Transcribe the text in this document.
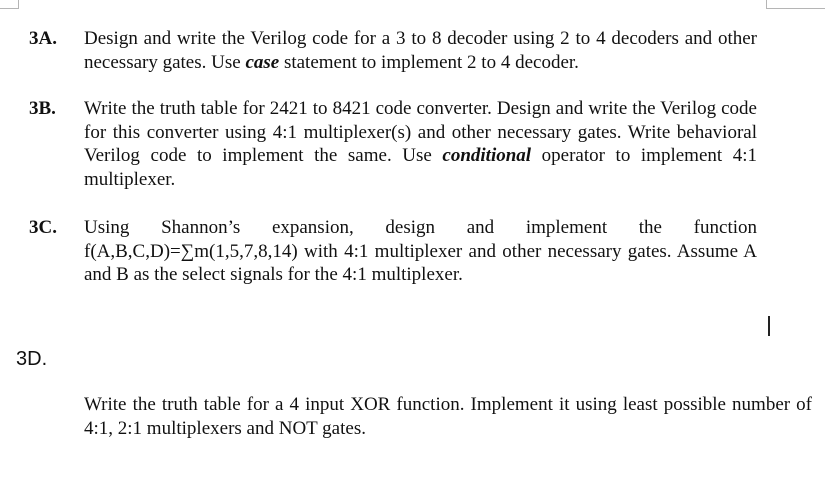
3A. Design and write the Verilog code for a 3 to 8 decoder using 2 to 4 decoders and other necessary gates. Use case statement to implement 2 to 4 decoder.
3B. Write the truth table for 2421 to 8421 code converter. Design and write the Verilog code for this converter using 4:1 multiplexer(s) and other necessary gates. Write behavioral Verilog code to implement the same. Use conditional operator to implement 4:1 multiplexer.
3C. Using Shannon’s expansion, design and implement the function f(A,B,C,D)=∑m(1,5,7,8,14) with 4:1 multiplexer and other necessary gates. Assume A and B as the select signals for the 4:1 multiplexer.
3D.
Write the truth table for a 4 input XOR function. Implement it using least possible number of 4:1, 2:1 multiplexers and NOT gates.
